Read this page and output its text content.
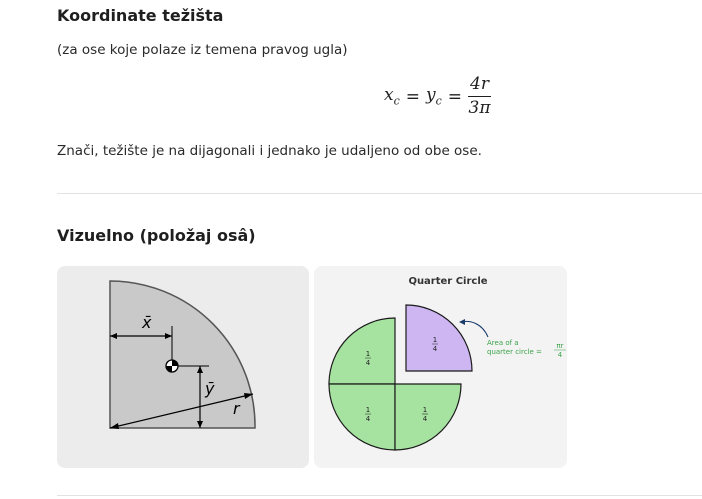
Koordinate težišta

(za ose koje polaze iz temena pravog ugla)

$x_c = y_c = \frac{4r}{3\pi}$

Znači, težište je na dijagonali i jednako je udaljeno od obe ose.

Vizuelno (položaj osâ)
x̄
ȳ
r
Quarter Circle
1
4
1
4
1
4
1
4
Area of a
quarter circle =
πr
4
